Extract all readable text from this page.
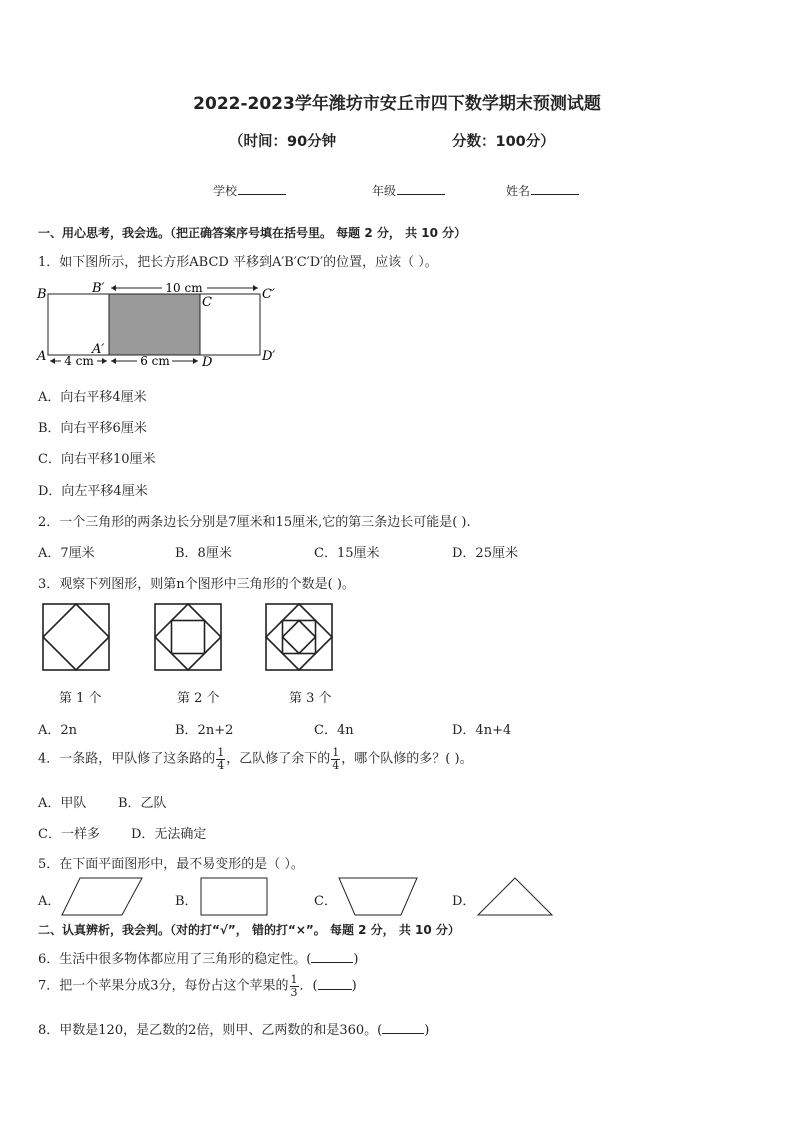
2022-2023学年潍坊市安丘市四下数学期末预测试题
（时间：90分钟	分数：100分）
学校	年级	姓名
一、用心思考，我会选。（把正确答案序号填在括号里。 每题 2 分， 共 10 分）
1．如下图所示，把长方形ABCD 平移到A′B′C′D′的位置，应该（ ）。
10 cm
4 cm	6 cm
B	B′
C
C′
A	A′
D	D′
A．向右平移4厘米
B．向右平移6厘米
C．向右平移10厘米
D．向左平移4厘米
2．一个三角形的两条边长分别是7厘米和15厘米,它的第三条边长可能是( ).
A．7厘米	B．8厘米	C．15厘米	D．25厘米
3．观察下列图形，则第n个图形中三角形的个数是( )。
第 1 个	第 2 个	第 3 个
A．2n	B．2n+2	C．4n	D．4n+4
4．一条路，甲队修了这条路的 $\frac{1}{4}$ ，乙队修了余下的 $\frac{1}{4}$ ，哪个队修的多？( )。
A．甲队 B．乙队
C．一样多 D．无法确定
5．在下面平面图形中，最不易变形的是（ ）。
A．	B．	C．	D．
二、认真辨析，我会判。（对的打“√”， 错的打“×”。 每题 2 分， 共 10 分）
6．生活中很多物体都应用了三角形的稳定性。(	)
7．把一个苹果分成3分，每份占这个苹果的 $\frac{1}{3}$ ．(	)
8．甲数是120，是乙数的2倍，则甲、乙两数的和是360。(	)
